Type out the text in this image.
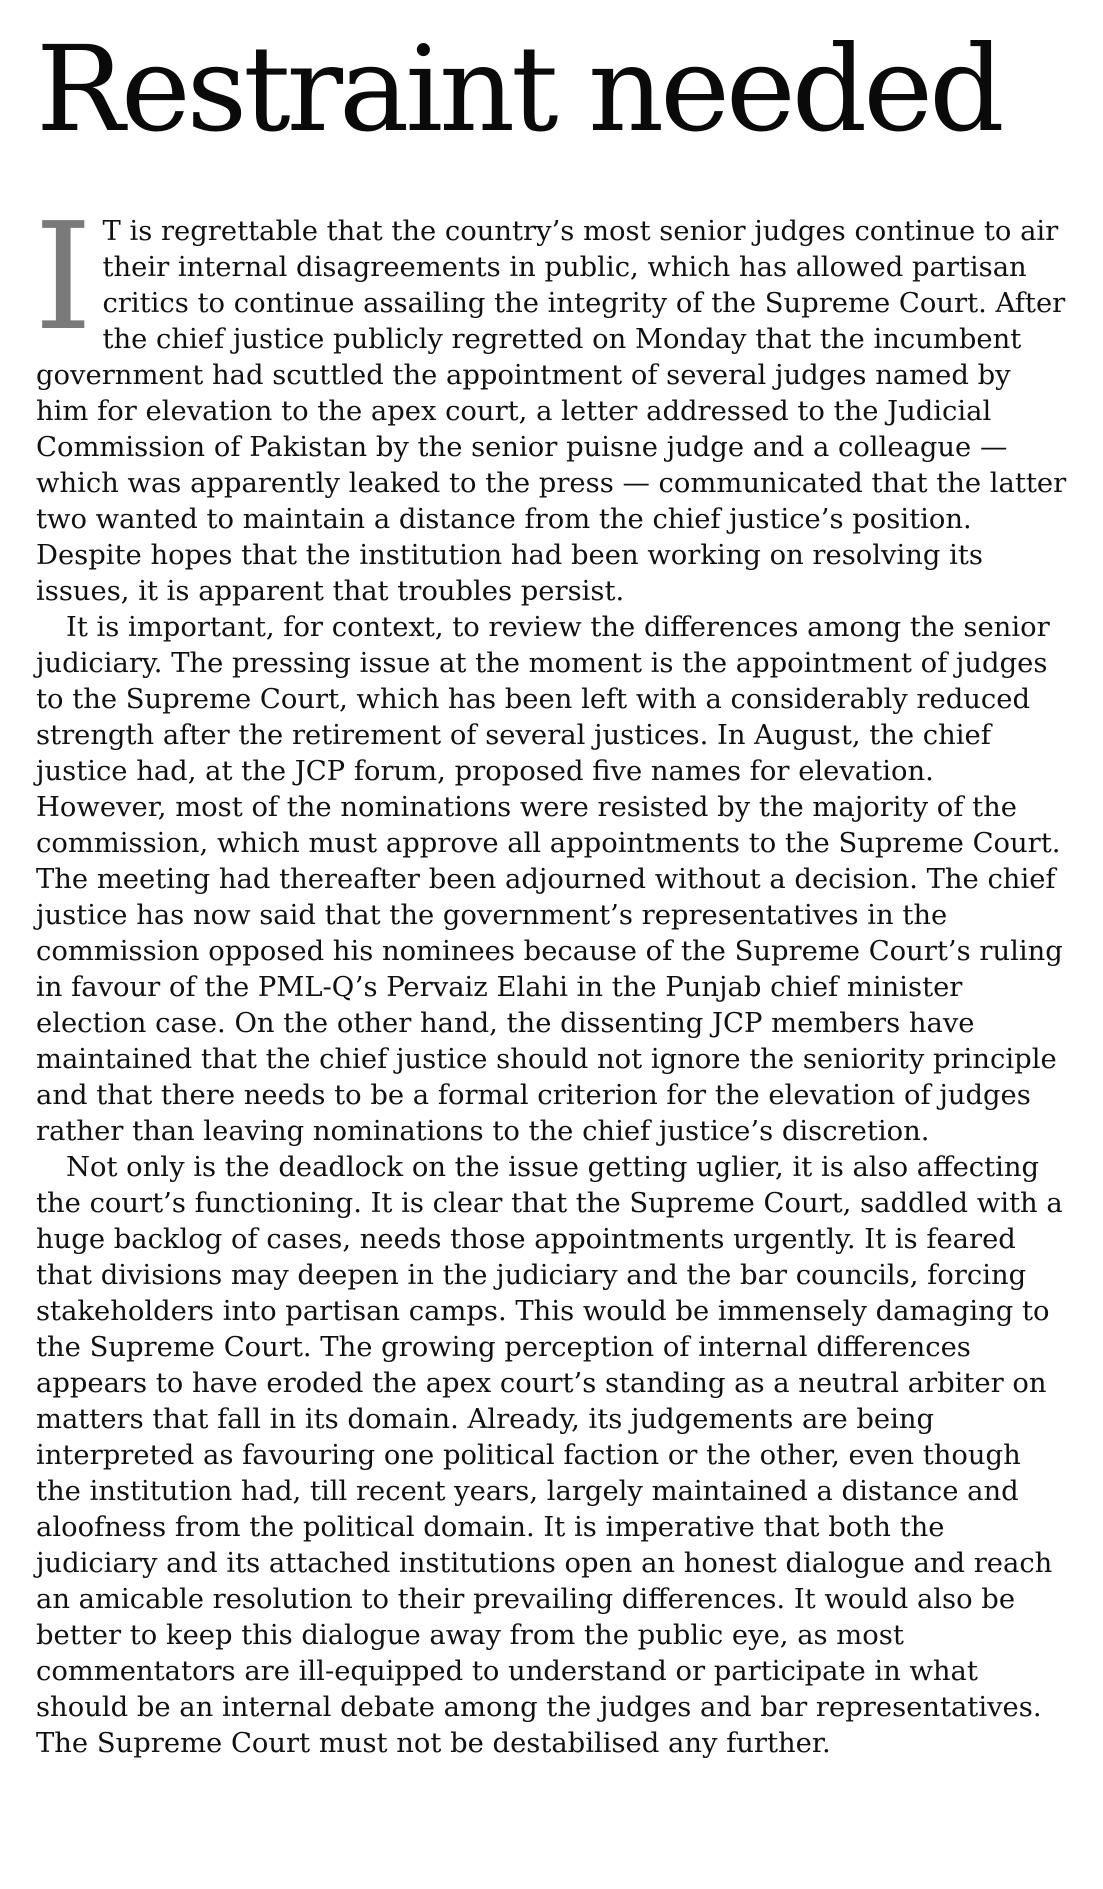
Restraint needed

I T is regrettable that the country’s most senior judges continue to air their internal disagreements in public, which has allowed partisan critics to continue assailing the integrity of the Supreme Court. After the chief justice publicly regretted on Monday that the incumbent government had scuttled the appointment of several judges named by him for elevation to the apex court, a letter addressed to the Judicial Commission of Pakistan by the senior puisne judge and a colleague — which was apparently leaked to the press — communicated that the latter two wanted to maintain a distance from the chief justice’s position. Despite hopes that the institution had been working on resolving its issues, it is apparent that troubles persist.

It is important, for context, to review the differences among the senior judiciary. The pressing issue at the moment is the appointment of judges to the Supreme Court, which has been left with a considerably reduced strength after the retirement of several justices. In August, the chief justice had, at the JCP forum, proposed five names for elevation. However, most of the nominations were resisted by the majority of the commission, which must approve all appointments to the Supreme Court. The meeting had thereafter been adjourned without a decision. The chief justice has now said that the government’s representatives in the commission opposed his nominees because of the Supreme Court’s ruling in favour of the PML-Q’s Pervaiz Elahi in the Punjab chief minister election case. On the other hand, the dissenting JCP members have maintained that the chief justice should not ignore the seniority principle and that there needs to be a formal criterion for the elevation of judges rather than leaving nominations to the chief justice’s discretion.

Not only is the deadlock on the issue getting uglier, it is also affecting the court’s functioning. It is clear that the Supreme Court, saddled with a huge backlog of cases, needs those appointments urgently. It is feared that divisions may deepen in the judiciary and the bar councils, forcing stakeholders into partisan camps. This would be immensely damaging to the Supreme Court. The growing perception of internal differences appears to have eroded the apex court’s standing as a neutral arbiter on matters that fall in its domain. Already, its judgements are being interpreted as favouring one political faction or the other, even though the institution had, till recent years, largely maintained a distance and aloofness from the political domain. It is imperative that both the judiciary and its attached institutions open an honest dialogue and reach an amicable resolution to their prevailing differences. It would also be better to keep this dialogue away from the public eye, as most commentators are ill-equipped to understand or participate in what should be an internal debate among the judges and bar representatives. The Supreme Court must not be destabilised any further.
